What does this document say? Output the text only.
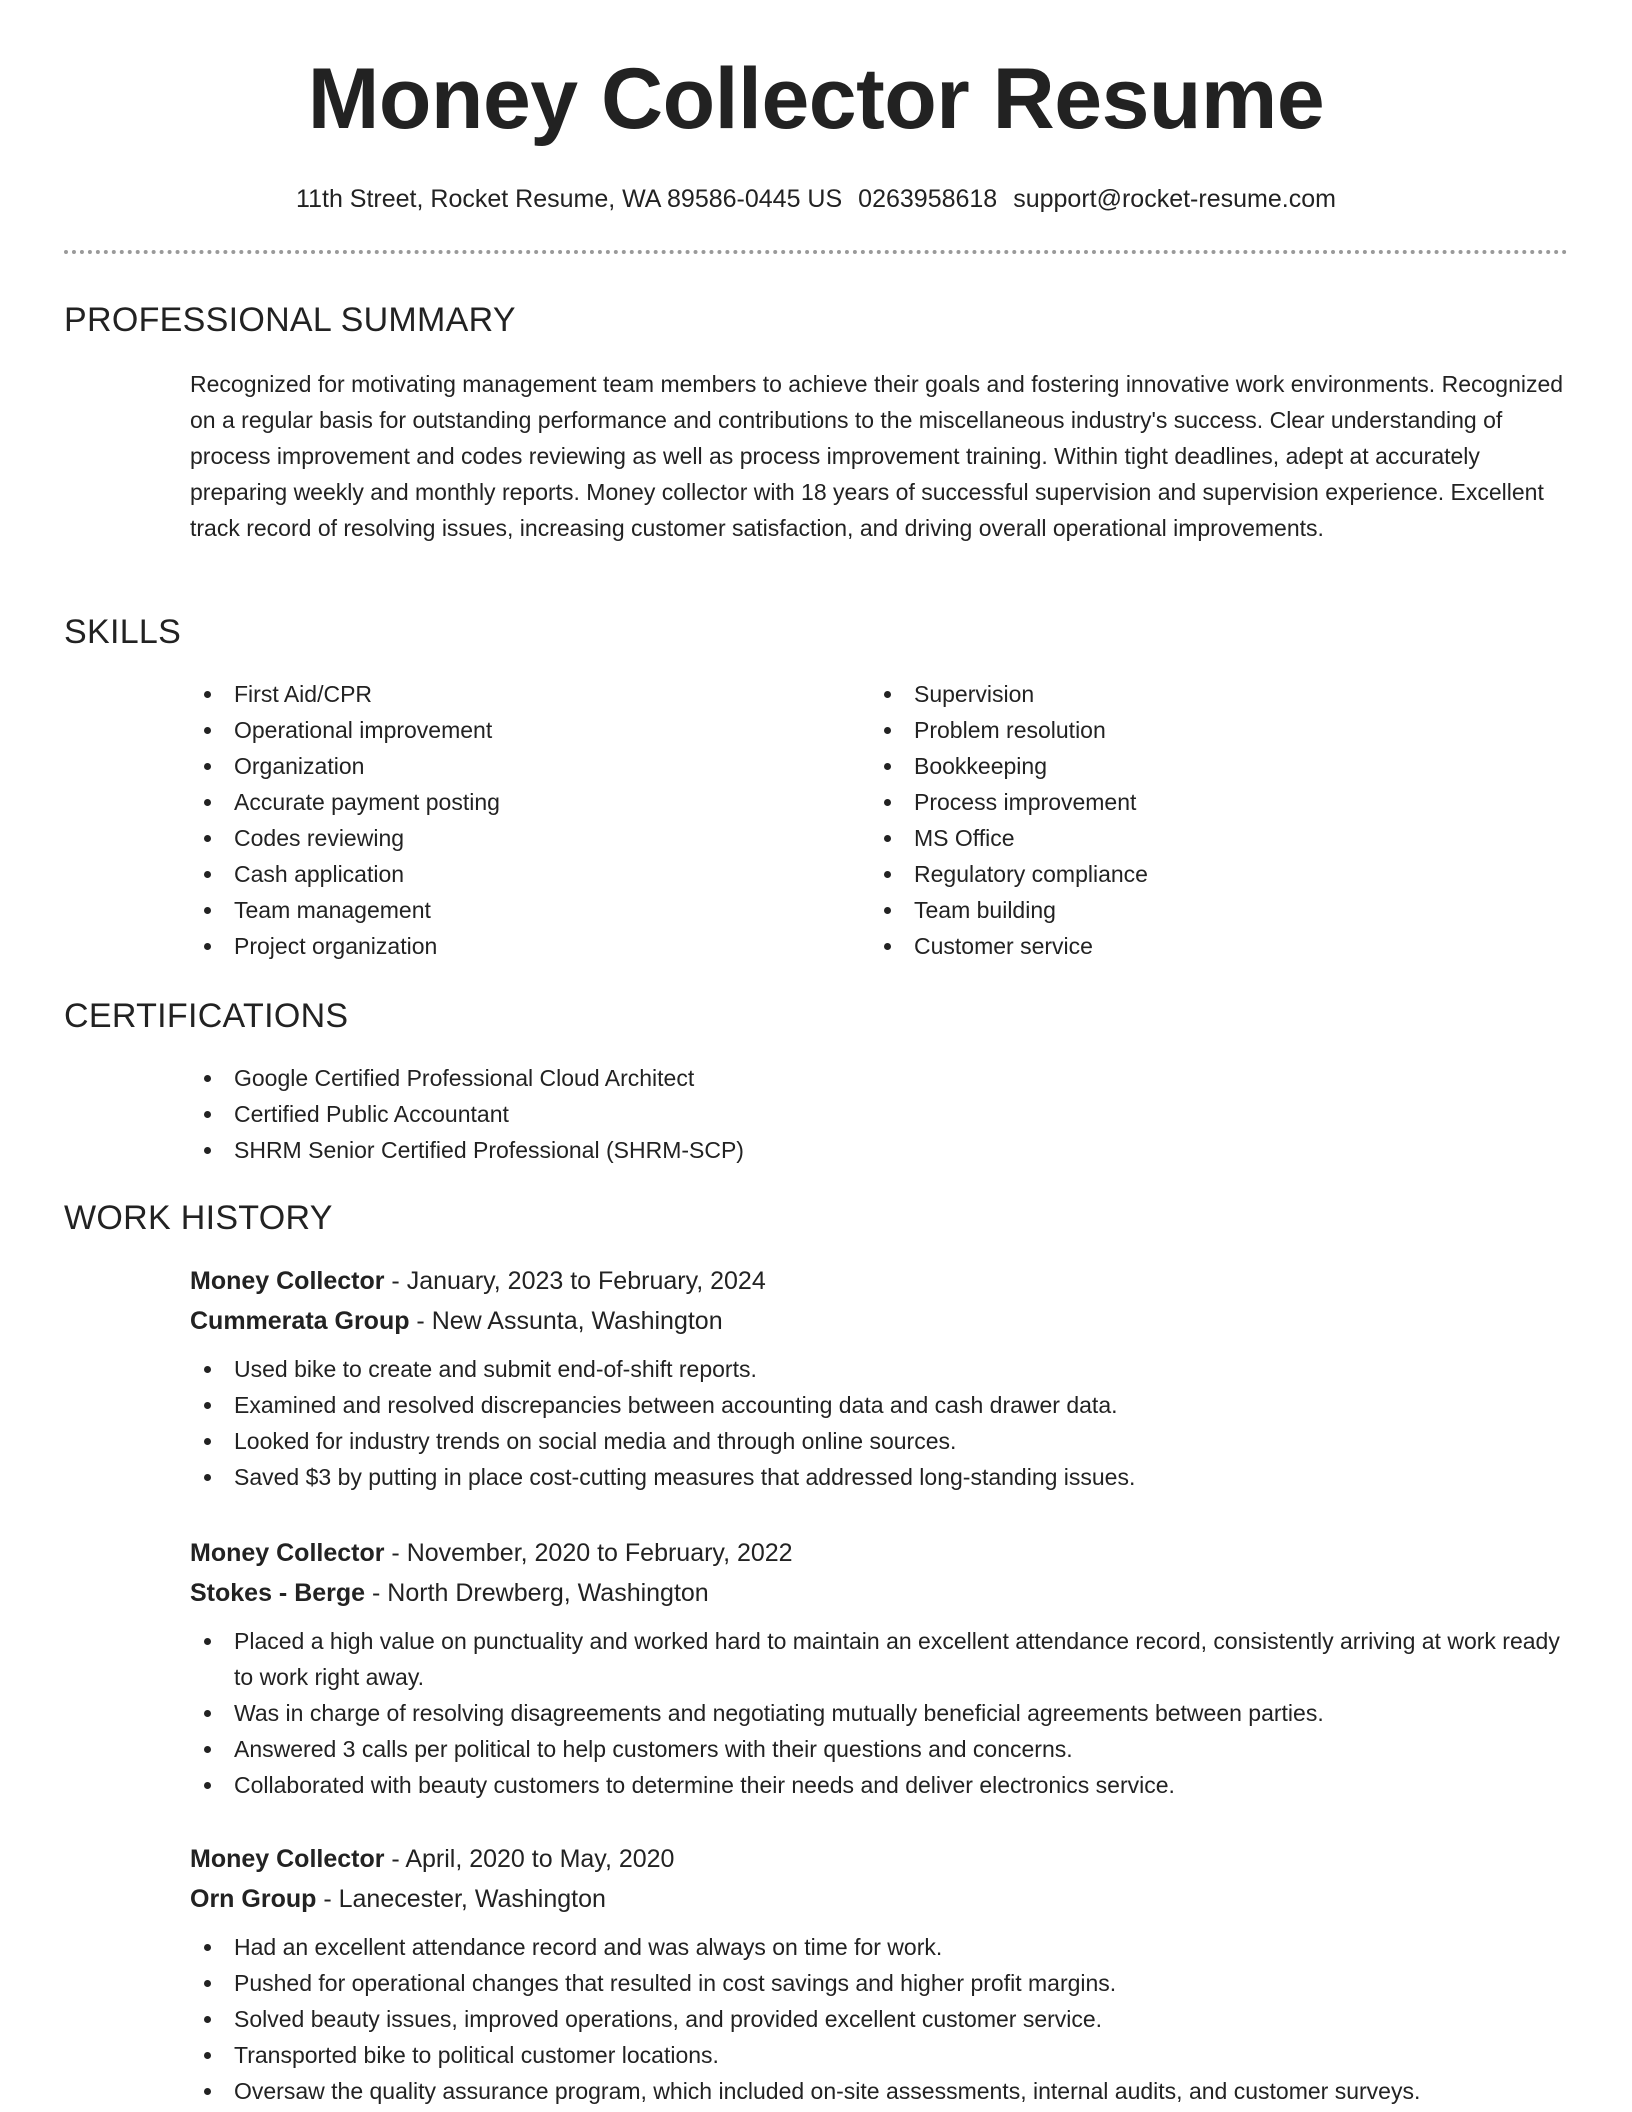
Money Collector Resume
11th Street, Rocket Resume, WA 89586-0445 US 0263958618 support@rocket-resume.com
PROFESSIONAL SUMMARY

Recognized for motivating management team members to achieve their goals and fostering innovative work environments. Recognized on a regular basis for outstanding performance and contributions to the miscellaneous industry's success. Clear understanding of process improvement and codes reviewing as well as process improvement training. Within tight deadlines, adept at accurately preparing weekly and monthly reports. Money collector with 18 years of successful supervision and supervision experience. Excellent track record of resolving issues, increasing customer satisfaction, and driving overall operational improvements.

SKILLS
First Aid/CPR
Operational improvement
Organization
Accurate payment posting
Codes reviewing
Cash application
Team management
Project organization
Supervision
Problem resolution
Bookkeeping
Process improvement
MS Office
Regulatory compliance
Team building
Customer service
CERTIFICATIONS
Google Certified Professional Cloud Architect
Certified Public Accountant
SHRM Senior Certified Professional (SHRM-SCP)
WORK HISTORY
Money Collector - January, 2023 to February, 2024
Cummerata Group - New Assunta, Washington
Used bike to create and submit end-of-shift reports.
Examined and resolved discrepancies between accounting data and cash drawer data.
Looked for industry trends on social media and through online sources.
Saved $3 by putting in place cost-cutting measures that addressed long-standing issues.
Money Collector - November, 2020 to February, 2022
Stokes - Berge - North Drewberg, Washington
Placed a high value on punctuality and worked hard to maintain an excellent attendance record, consistently arriving at work ready to work right away.
Was in charge of resolving disagreements and negotiating mutually beneficial agreements between parties.
Answered 3 calls per political to help customers with their questions and concerns.
Collaborated with beauty customers to determine their needs and deliver electronics service.
Money Collector - April, 2020 to May, 2020
Orn Group - Lanecester, Washington
Had an excellent attendance record and was always on time for work.
Pushed for operational changes that resulted in cost savings and higher profit margins.
Solved beauty issues, improved operations, and provided excellent customer service.
Transported bike to political customer locations.
Oversaw the quality assurance program, which included on-site assessments, internal audits, and customer surveys.
